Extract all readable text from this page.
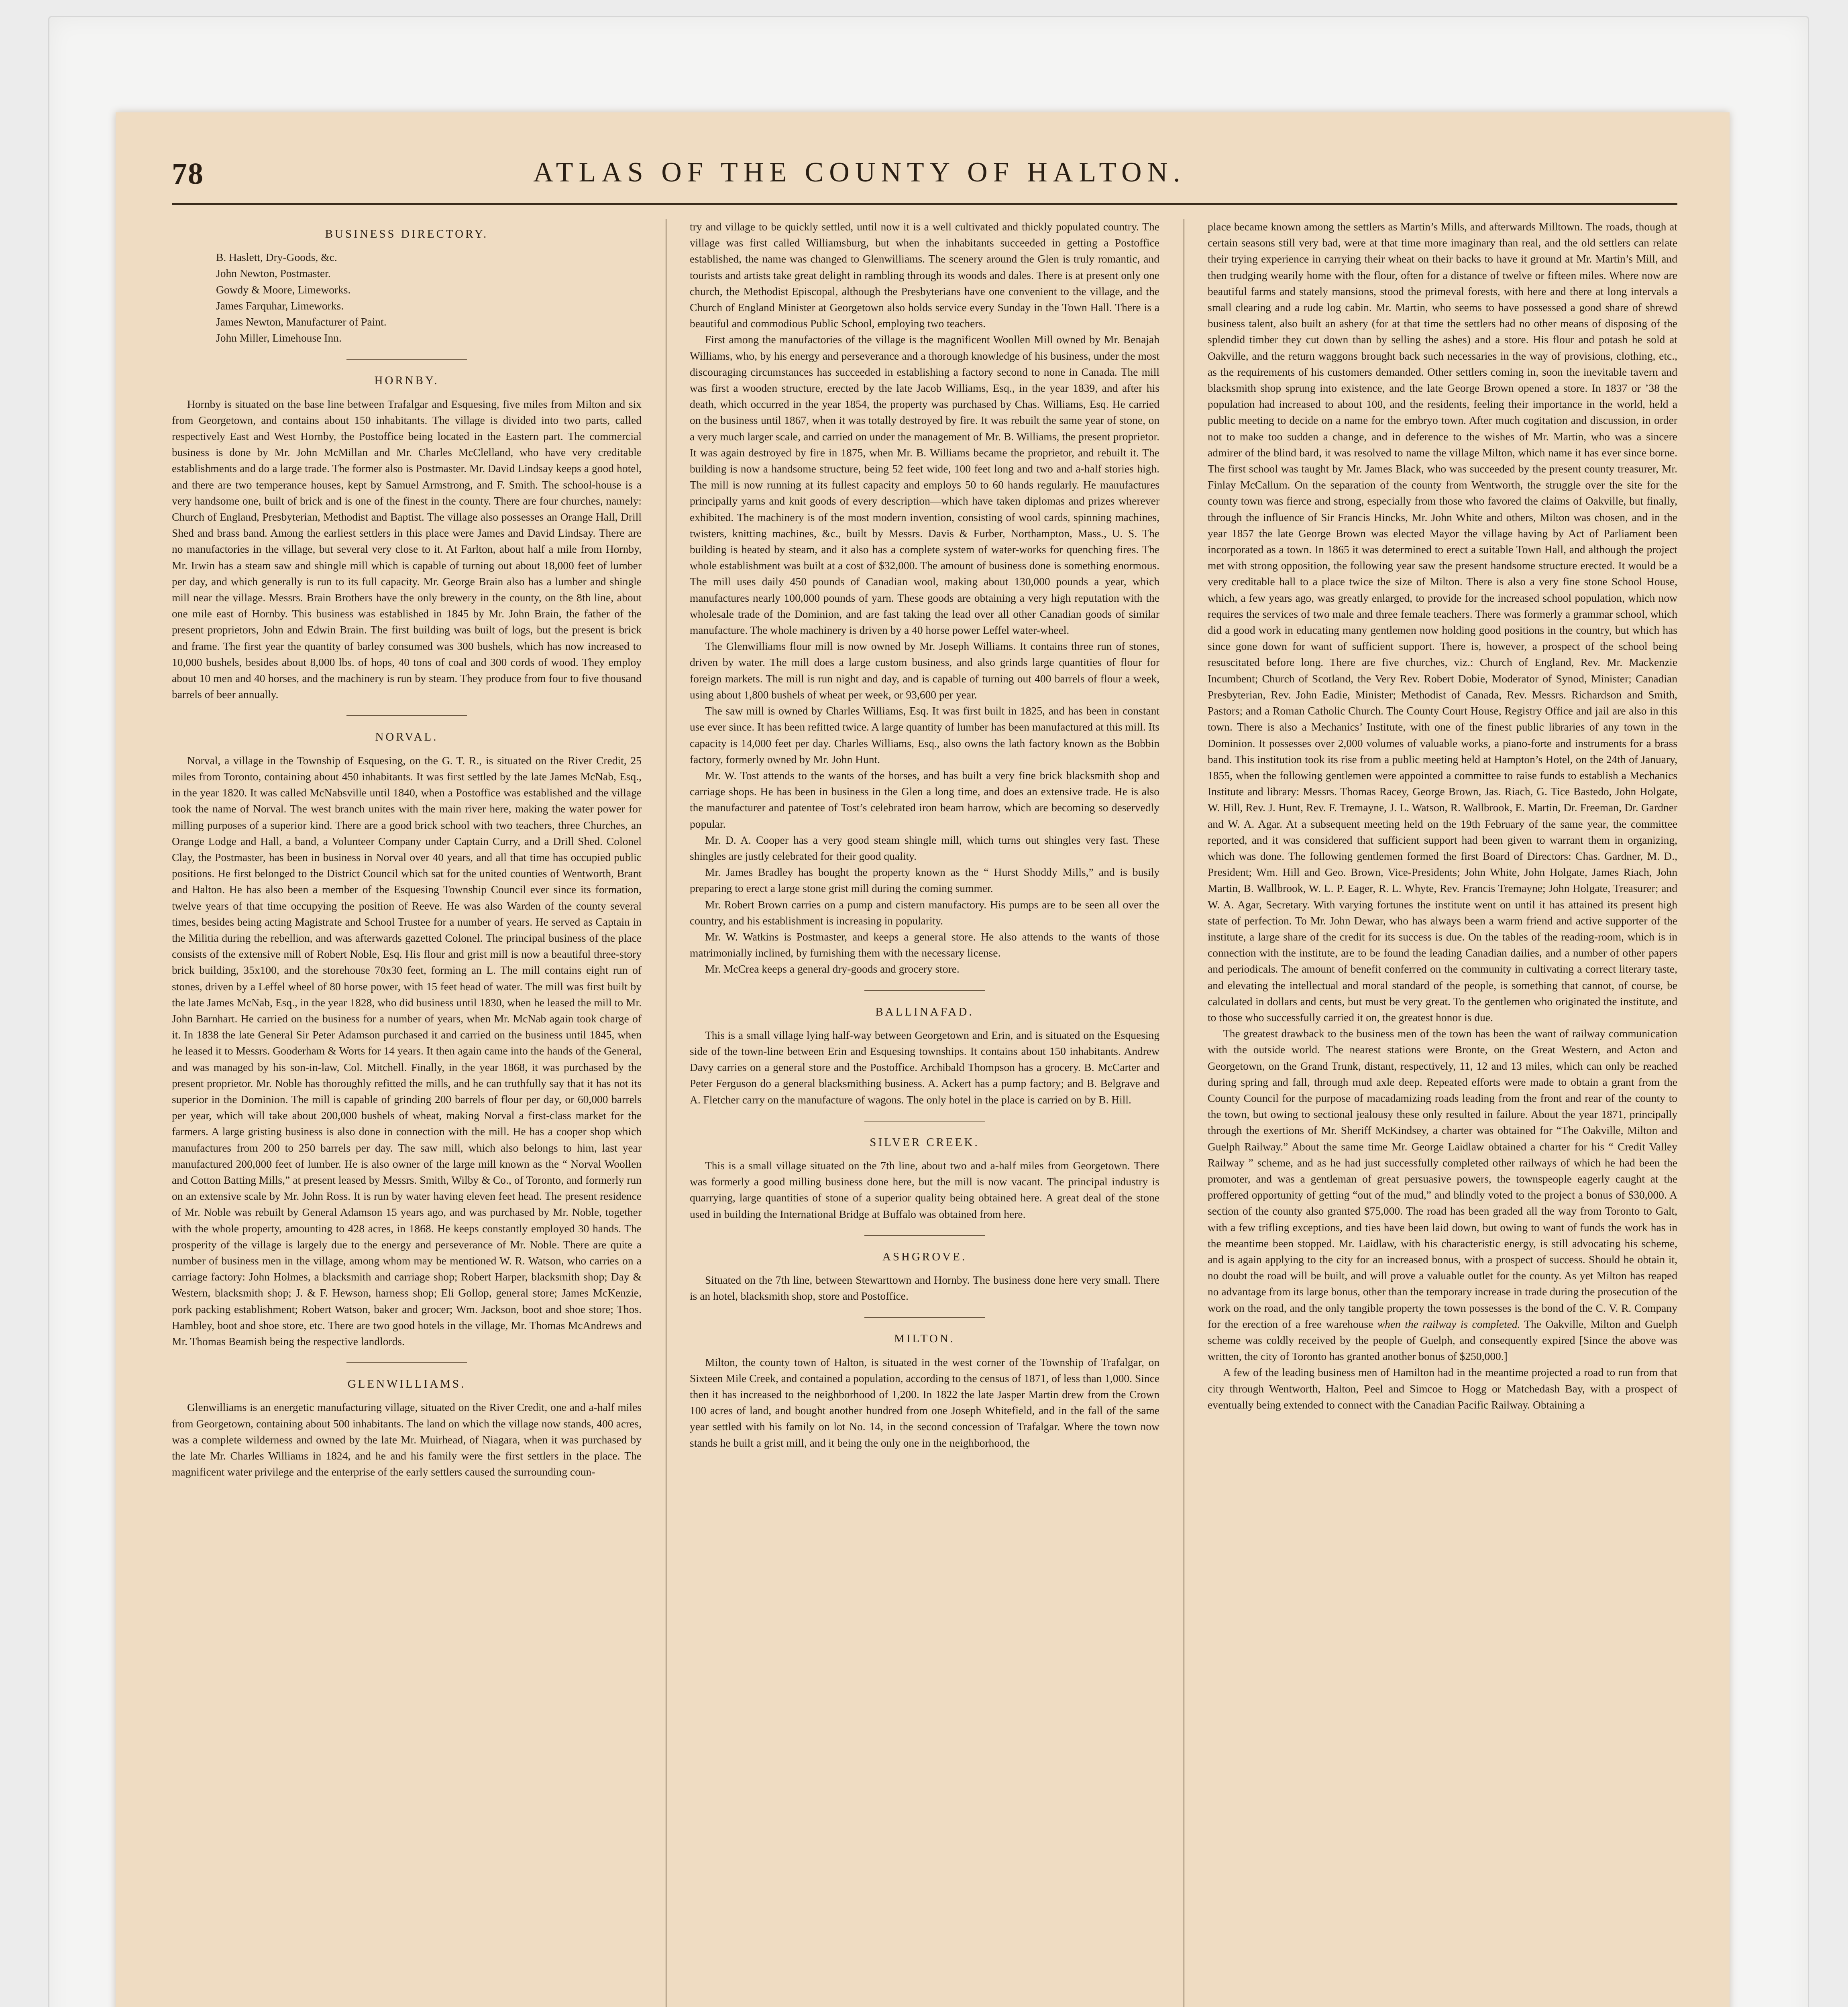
78	ATLAS OF THE COUNTY OF HALTON.
BUSINESS DIRECTORY.

B. Haslett, Dry-Goods, &c.

John Newton, Postmaster.

Gowdy & Moore, Limeworks.

James Farquhar, Limeworks.

James Newton, Manufacturer of Paint.

John Miller, Limehouse Inn.

HORNBY.

Hornby is situated on the base line between Trafalgar and Esquesing, five miles from Milton and six from Georgetown, and contains about 150 inhabitants. The village is divided into two parts, called respectively East and West Hornby, the Postoffice being located in the Eastern part. The commercial business is done by Mr. John McMillan and Mr. Charles McClelland, who have very creditable establishments and do a large trade. The former also is Postmaster. Mr. David Lindsay keeps a good hotel, and there are two temperance houses, kept by Samuel Armstrong, and F. Smith. The school-house is a very handsome one, built of brick and is one of the finest in the county. There are four churches, namely: Church of England, Presbyterian, Methodist and Baptist. The village also possesses an Orange Hall, Drill Shed and brass band. Among the earliest settlers in this place were James and David Lindsay. There are no manufactories in the village, but several very close to it. At Farlton, about half a mile from Hornby, Mr. Irwin has a steam saw and shingle mill which is capable of turning out about 18,000 feet of lumber per day, and which generally is run to its full capacity. Mr. George Brain also has a lumber and shingle mill near the village. Messrs. Brain Brothers have the only brewery in the county, on the 8th line, about one mile east of Hornby. This business was established in 1845 by Mr. John Brain, the father of the present proprietors, John and Edwin Brain. The first building was built of logs, but the present is brick and frame. The first year the quantity of barley consumed was 300 bushels, which has now increased to 10,000 bushels, besides about 8,000 lbs. of hops, 40 tons of coal and 300 cords of wood. They employ about 10 men and 40 horses, and the machinery is run by steam. They produce from four to five thousand barrels of beer annually.

NORVAL.

Norval, a village in the Township of Esquesing, on the G. T. R., is situated on the River Credit, 25 miles from Toronto, containing about 450 inhabitants. It was first settled by the late James McNab, Esq., in the year 1820. It was called McNabsville until 1840, when a Postoffice was established and the village took the name of Norval. The west branch unites with the main river here, making the water power for milling purposes of a superior kind. There are a good brick school with two teachers, three Churches, an Orange Lodge and Hall, a band, a Volunteer Company under Captain Curry, and a Drill Shed. Colonel Clay, the Postmaster, has been in business in Norval over 40 years, and all that time has occupied public positions. He first belonged to the District Council which sat for the united counties of Wentworth, Brant and Halton. He has also been a member of the Esquesing Township Council ever since its formation, twelve years of that time occupying the position of Reeve. He was also Warden of the county several times, besides being acting Magistrate and School Trustee for a number of years. He served as Captain in the Militia during the rebellion, and was afterwards gazetted Colonel. The principal business of the place consists of the extensive mill of Robert Noble, Esq. His flour and grist mill is now a beautiful three-story brick building, 35x100, and the storehouse 70x30 feet, forming an L. The mill contains eight run of stones, driven by a Leffel wheel of 80 horse power, with 15 feet head of water. The mill was first built by the late James McNab, Esq., in the year 1828, who did business until 1830, when he leased the mill to Mr. John Barnhart. He carried on the business for a number of years, when Mr. McNab again took charge of it. In 1838 the late General Sir Peter Adamson purchased it and carried on the business until 1845, when he leased it to Messrs. Gooderham & Worts for 14 years. It then again came into the hands of the General, and was managed by his son-in-law, Col. Mitchell. Finally, in the year 1868, it was purchased by the present proprietor. Mr. Noble has thoroughly refitted the mills, and he can truthfully say that it has not its superior in the Dominion. The mill is capable of grinding 200 barrels of flour per day, or 60,000 barrels per year, which will take about 200,000 bushels of wheat, making Norval a first-class market for the farmers. A large gristing business is also done in connection with the mill. He has a cooper shop which manufactures from 200 to 250 barrels per day. The saw mill, which also belongs to him, last year manufactured 200,000 feet of lumber. He is also owner of the large mill known as the “ Norval Woollen and Cotton Batting Mills,” at present leased by Messrs. Smith, Wilby & Co., of Toronto, and formerly run on an extensive scale by Mr. John Ross. It is run by water having eleven feet head. The present residence of Mr. Noble was rebuilt by General Adamson 15 years ago, and was purchased by Mr. Noble, together with the whole property, amounting to 428 acres, in 1868. He keeps constantly employed 30 hands. The prosperity of the village is largely due to the energy and perseverance of Mr. Noble. There are quite a number of business men in the village, among whom may be mentioned W. R. Watson, who carries on a carriage factory: John Holmes, a blacksmith and carriage shop; Robert Harper, blacksmith shop; Day & Western, blacksmith shop; J. & F. Hewson, harness shop; Eli Gollop, general store; James McKenzie, pork packing establishment; Robert Watson, baker and grocer; Wm. Jackson, boot and shoe store; Thos. Hambley, boot and shoe store, etc. There are two good hotels in the village, Mr. Thomas McAndrews and Mr. Thomas Beamish being the respective landlords.

GLENWILLIAMS.

Glenwilliams is an energetic manufacturing village, situated on the River Credit, one and a-half miles from Georgetown, containing about 500 inhabitants. The land on which the village now stands, 400 acres, was a complete wilderness and owned by the late Mr. Muirhead, of Niagara, when it was purchased by the late Mr. Charles Williams in 1824, and he and his family were the first settlers in the place. The magnificent water privilege and the enterprise of the early settlers caused the surrounding coun-

try and village to be quickly settled, until now it is a well cultivated and thickly populated country. The village was first called Williamsburg, but when the inhabitants succeeded in getting a Postoffice established, the name was changed to Glenwilliams. The scenery around the Glen is truly romantic, and tourists and artists take great delight in rambling through its woods and dales. There is at present only one church, the Methodist Episcopal, although the Presbyterians have one convenient to the village, and the Church of England Minister at Georgetown also holds service every Sunday in the Town Hall. There is a beautiful and commodious Public School, employing two teachers.

First among the manufactories of the village is the magnificent Woollen Mill owned by Mr. Benajah Williams, who, by his energy and perseverance and a thorough knowledge of his business, under the most discouraging circumstances has succeeded in establishing a factory second to none in Canada. The mill was first a wooden structure, erected by the late Jacob Williams, Esq., in the year 1839, and after his death, which occurred in the year 1854, the property was purchased by Chas. Williams, Esq. He carried on the business until 1867, when it was totally destroyed by fire. It was rebuilt the same year of stone, on a very much larger scale, and carried on under the management of Mr. B. Williams, the present proprietor. It was again destroyed by fire in 1875, when Mr. B. Williams became the proprietor, and rebuilt it. The building is now a handsome structure, being 52 feet wide, 100 feet long and two and a-half stories high. The mill is now running at its fullest capacity and employs 50 to 60 hands regularly. He manufactures principally yarns and knit goods of every description—which have taken diplomas and prizes wherever exhibited. The machinery is of the most modern invention, consisting of wool cards, spinning machines, twisters, knitting machines, &c., built by Messrs. Davis & Furber, Northampton, Mass., U. S. The building is heated by steam, and it also has a complete system of water-works for quenching fires. The whole establishment was built at a cost of $32,000. The amount of business done is something enormous. The mill uses daily 450 pounds of Canadian wool, making about 130,000 pounds a year, which manufactures nearly 100,000 pounds of yarn. These goods are obtaining a very high reputation with the wholesale trade of the Dominion, and are fast taking the lead over all other Canadian goods of similar manufacture. The whole machinery is driven by a 40 horse power Leffel water-wheel.

The Glenwilliams flour mill is now owned by Mr. Joseph Williams. It contains three run of stones, driven by water. The mill does a large custom business, and also grinds large quantities of flour for foreign markets. The mill is run night and day, and is capable of turning out 400 barrels of flour a week, using about 1,800 bushels of wheat per week, or 93,600 per year.

The saw mill is owned by Charles Williams, Esq. It was first built in 1825, and has been in constant use ever since. It has been refitted twice. A large quantity of lumber has been manufactured at this mill. Its capacity is 14,000 feet per day. Charles Williams, Esq., also owns the lath factory known as the Bobbin factory, formerly owned by Mr. John Hunt.

Mr. W. Tost attends to the wants of the horses, and has built a very fine brick blacksmith shop and carriage shops. He has been in business in the Glen a long time, and does an extensive trade. He is also the manufacturer and patentee of Tost’s celebrated iron beam harrow, which are becoming so deservedly popular.

Mr. D. A. Cooper has a very good steam shingle mill, which turns out shingles very fast. These shingles are justly celebrated for their good quality.

Mr. James Bradley has bought the property known as the “ Hurst Shoddy Mills,” and is busily preparing to erect a large stone grist mill during the coming summer.

Mr. Robert Brown carries on a pump and cistern manufactory. His pumps are to be seen all over the country, and his establishment is increasing in popularity.

Mr. W. Watkins is Postmaster, and keeps a general store. He also attends to the wants of those matrimonially inclined, by furnishing them with the necessary license.

Mr. McCrea keeps a general dry-goods and grocery store.

BALLINAFAD.

This is a small village lying half-way between Georgetown and Erin, and is situated on the Esquesing side of the town-line between Erin and Esquesing townships. It contains about 150 inhabitants. Andrew Davy carries on a general store and the Postoffice. Archibald Thompson has a grocery. B. McCarter and Peter Ferguson do a general blacksmithing business. A. Ackert has a pump factory; and B. Belgrave and A. Fletcher carry on the manufacture of wagons. The only hotel in the place is carried on by B. Hill.

SILVER CREEK.

This is a small village situated on the 7th line, about two and a-half miles from Georgetown. There was formerly a good milling business done here, but the mill is now vacant. The principal industry is quarrying, large quantities of stone of a superior quality being obtained here. A great deal of the stone used in building the International Bridge at Buffalo was obtained from here.

ASHGROVE.

Situated on the 7th line, between Stewarttown and Hornby. The business done here very small. There is an hotel, blacksmith shop, store and Postoffice.

MILTON.

Milton, the county town of Halton, is situated in the west corner of the Township of Trafalgar, on Sixteen Mile Creek, and contained a population, according to the census of 1871, of less than 1,000. Since then it has increased to the neighborhood of 1,200. In 1822 the late Jasper Martin drew from the Crown 100 acres of land, and bought another hundred from one Joseph Whitefield, and in the fall of the same year settled with his family on lot No. 14, in the second concession of Trafalgar. Where the town now stands he built a grist mill, and it being the only one in the neighborhood, the

place became known among the settlers as Martin’s Mills, and afterwards Milltown. The roads, though at certain seasons still very bad, were at that time more imaginary than real, and the old settlers can relate their trying experience in carrying their wheat on their backs to have it ground at Mr. Martin’s Mill, and then trudging wearily home with the flour, often for a distance of twelve or fifteen miles. Where now are beautiful farms and stately mansions, stood the primeval forests, with here and there at long intervals a small clearing and a rude log cabin. Mr. Martin, who seems to have possessed a good share of shrewd business talent, also built an ashery (for at that time the settlers had no other means of disposing of the splendid timber they cut down than by selling the ashes) and a store. His flour and potash he sold at Oakville, and the return waggons brought back such necessaries in the way of provisions, clothing, etc., as the requirements of his customers demanded. Other settlers coming in, soon the inevitable tavern and blacksmith shop sprung into existence, and the late George Brown opened a store. In 1837 or ’38 the population had increased to about 100, and the residents, feeling their importance in the world, held a public meeting to decide on a name for the embryo town. After much cogitation and discussion, in order not to make too sudden a change, and in deference to the wishes of Mr. Martin, who was a sincere admirer of the blind bard, it was resolved to name the village Milton, which name it has ever since borne. The first school was taught by Mr. James Black, who was succeeded by the present county treasurer, Mr. Finlay McCallum. On the separation of the county from Wentworth, the struggle over the site for the county town was fierce and strong, especially from those who favored the claims of Oakville, but finally, through the influence of Sir Francis Hincks, Mr. John White and others, Milton was chosen, and in the year 1857 the late George Brown was elected Mayor the village having by Act of Parliament been incorporated as a town. In 1865 it was determined to erect a suitable Town Hall, and although the project met with strong opposition, the following year saw the present handsome structure erected. It would be a very creditable hall to a place twice the size of Milton. There is also a very fine stone School House, which, a few years ago, was greatly enlarged, to provide for the increased school population, which now requires the services of two male and three female teachers. There was formerly a grammar school, which did a good work in educating many gentlemen now holding good positions in the country, but which has since gone down for want of sufficient support. There is, however, a prospect of the school being resuscitated before long. There are five churches, viz.: Church of England, Rev. Mr. Mackenzie Incumbent; Church of Scotland, the Very Rev. Robert Dobie, Moderator of Synod, Minister; Canadian Presbyterian, Rev. John Eadie, Minister; Methodist of Canada, Rev. Messrs. Richardson and Smith, Pastors; and a Roman Catholic Church. The County Court House, Registry Office and jail are also in this town. There is also a Mechanics’ Institute, with one of the finest public libraries of any town in the Dominion. It possesses over 2,000 volumes of valuable works, a piano-forte and instruments for a brass band. This institution took its rise from a public meeting held at Hampton’s Hotel, on the 24th of January, 1855, when the following gentlemen were appointed a committee to raise funds to establish a Mechanics Institute and library: Messrs. Thomas Racey, George Brown, Jas. Riach, G. Tice Bastedo, John Holgate, W. Hill, Rev. J. Hunt, Rev. F. Tremayne, J. L. Watson, R. Wallbrook, E. Martin, Dr. Freeman, Dr. Gardner and W. A. Agar. At a subsequent meeting held on the 19th February of the same year, the committee reported, and it was considered that sufficient support had been given to warrant them in organizing, which was done. The following gentlemen formed the first Board of Directors: Chas. Gardner, M. D., President; Wm. Hill and Geo. Brown, Vice-Presidents; John White, John Holgate, James Riach, John Martin, B. Wallbrook, W. L. P. Eager, R. L. Whyte, Rev. Francis Tremayne; John Holgate, Treasurer; and W. A. Agar, Secretary. With varying fortunes the institute went on until it has attained its present high state of perfection. To Mr. John Dewar, who has always been a warm friend and active supporter of the institute, a large share of the credit for its success is due. On the tables of the reading-room, which is in connection with the institute, are to be found the leading Canadian dailies, and a number of other papers and periodicals. The amount of benefit conferred on the community in cultivating a correct literary taste, and elevating the intellectual and moral standard of the people, is something that cannot, of course, be calculated in dollars and cents, but must be very great. To the gentlemen who originated the institute, and to those who successfully carried it on, the greatest honor is due.

The greatest drawback to the business men of the town has been the want of railway communication with the outside world. The nearest stations were Bronte, on the Great Western, and Acton and Georgetown, on the Grand Trunk, distant, respectively, 11, 12 and 13 miles, which can only be reached during spring and fall, through mud axle deep. Repeated efforts were made to obtain a grant from the County Council for the purpose of macadamizing roads leading from the front and rear of the county to the town, but owing to sectional jealousy these only resulted in failure. About the year 1871, principally through the exertions of Mr. Sheriff McKindsey, a charter was obtained for “The Oakville, Milton and Guelph Railway.” About the same time Mr. George Laidlaw obtained a charter for his “ Credit Valley Railway ” scheme, and as he had just successfully completed other railways of which he had been the promoter, and was a gentleman of great persuasive powers, the townspeople eagerly caught at the proffered opportunity of getting “out of the mud,” and blindly voted to the project a bonus of $30,000. A section of the county also granted $75,000. The road has been graded all the way from Toronto to Galt, with a few trifling exceptions, and ties have been laid down, but owing to want of funds the work has in the meantime been stopped. Mr. Laidlaw, with his characteristic energy, is still advocating his scheme, and is again applying to the city for an increased bonus, with a prospect of success. Should he obtain it, no doubt the road will be built, and will prove a valuable outlet for the county. As yet Milton has reaped no advantage from its large bonus, other than the temporary increase in trade during the prosecution of the work on the road, and the only tangible property the town possesses is the bond of the C. V. R. Company for the erection of a free warehouse when the railway is completed. The Oakville, Milton and Guelph scheme was coldly received by the people of Guelph, and consequently expired [Since the above was written, the city of Toronto has granted another bonus of $250,000.]

A few of the leading business men of Hamilton had in the meantime projected a road to run from that city through Wentworth, Halton, Peel and Simcoe to Hogg or Matchedash Bay, with a prospect of eventually being extended to connect with the Canadian Pacific Railway. Obtaining a
